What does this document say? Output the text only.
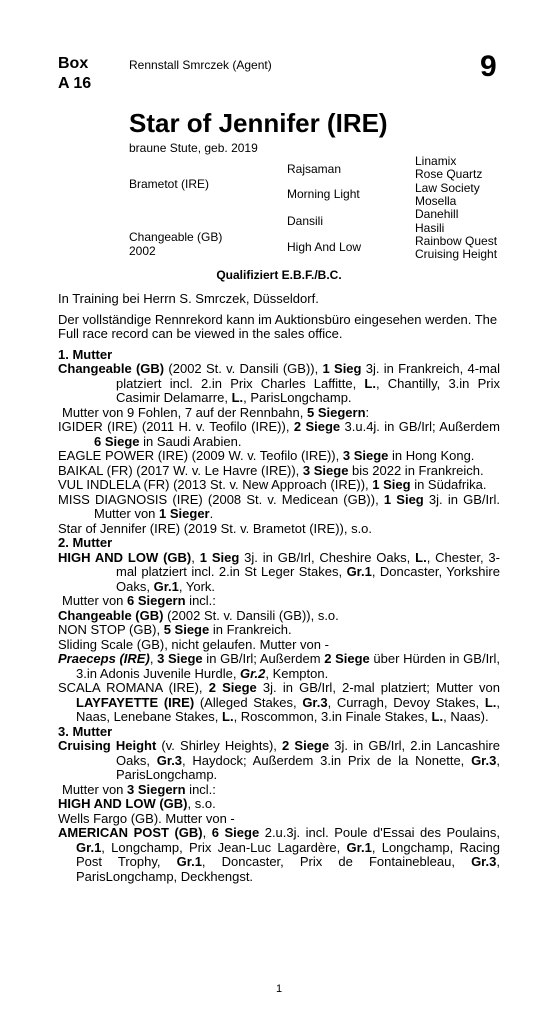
Box
A 16
Rennstall Smrczek (Agent)	9
Star of Jennifer (IRE)
braune Stute, geb. 2019
Brametot (IRE)
Changeable (GB)
2002
Rajsaman
Morning Light
Dansili
High And Low
Linamix
Rose Quartz
Law Society
Mosella
Danehill
Hasili
Rainbow Quest
Cruising Height
Qualifiziert E.B.F./B.C.

In Training bei Herrn S. Smrczek, Düsseldorf.

Der vollständige Rennrekord kann im Auktionsbüro eingesehen werden. The Full race record can be viewed in the sales office.

1. Mutter

Changeable (GB) (2002 St. v. Dansili (GB)), 1 Sieg 3j. in Frankreich, 4-mal platziert incl. 2.in Prix Charles Laffitte, L., Chantilly, 3.in Prix Casimir Delamarre, L., ParisLongchamp.

Mutter von 9 Fohlen, 7 auf der Rennbahn, 5 Siegern:

IGIDER (IRE) (2011 H. v. Teofilo (IRE)), 2 Siege 3.u.4j. in GB/Irl; Außerdem 6 Siege in Saudi Arabien.

EAGLE POWER (IRE) (2009 W. v. Teofilo (IRE)), 3 Siege in Hong Kong.

BAIKAL (FR) (2017 W. v. Le Havre (IRE)), 3 Siege bis 2022 in Frankreich.

VUL INDLELA (FR) (2013 St. v. New Approach (IRE)), 1 Sieg in Südafrika.

MISS DIAGNOSIS (IRE) (2008 St. v. Medicean (GB)), 1 Sieg 3j. in GB/Irl. Mutter von 1 Sieger.

Star of Jennifer (IRE) (2019 St. v. Brametot (IRE)), s.o.

2. Mutter

HIGH AND LOW (GB), 1 Sieg 3j. in GB/Irl, Cheshire Oaks, L., Chester, 3-mal platziert incl. 2.in St Leger Stakes, Gr.1, Doncaster, Yorkshire Oaks, Gr.1, York.

Mutter von 6 Siegern incl.:

Changeable (GB) (2002 St. v. Dansili (GB)), s.o.

NON STOP (GB), 5 Siege in Frankreich.

Sliding Scale (GB), nicht gelaufen. Mutter von -

Praeceps (IRE), 3 Siege in GB/Irl; Außerdem 2 Siege über Hürden in GB/Irl, 3.in Adonis Juvenile Hurdle, Gr.2, Kempton.

SCALA ROMANA (IRE), 2 Siege 3j. in GB/Irl, 2-mal platziert; Mutter von LAYFAYETTE (IRE) (Alleged Stakes, Gr.3, Curragh, Devoy Stakes, L., Naas, Lenebane Stakes, L., Roscommon, 3.in Finale Stakes, L., Naas).

3. Mutter

Cruising Height (v. Shirley Heights), 2 Siege 3j. in GB/Irl, 2.in Lancashire Oaks, Gr.3, Haydock; Außerdem 3.in Prix de la Nonette, Gr.3, ParisLongchamp.

Mutter von 3 Siegern incl.:

HIGH AND LOW (GB), s.o.

Wells Fargo (GB). Mutter von -

AMERICAN POST (GB), 6 Siege 2.u.3j. incl. Poule d'Essai des Poulains, Gr.1, Longchamp, Prix Jean-Luc Lagardère, Gr.1, Longchamp, Racing Post Trophy, Gr.1, Doncaster, Prix de Fontainebleau, Gr.3, ParisLongchamp, Deckhengst.

1
